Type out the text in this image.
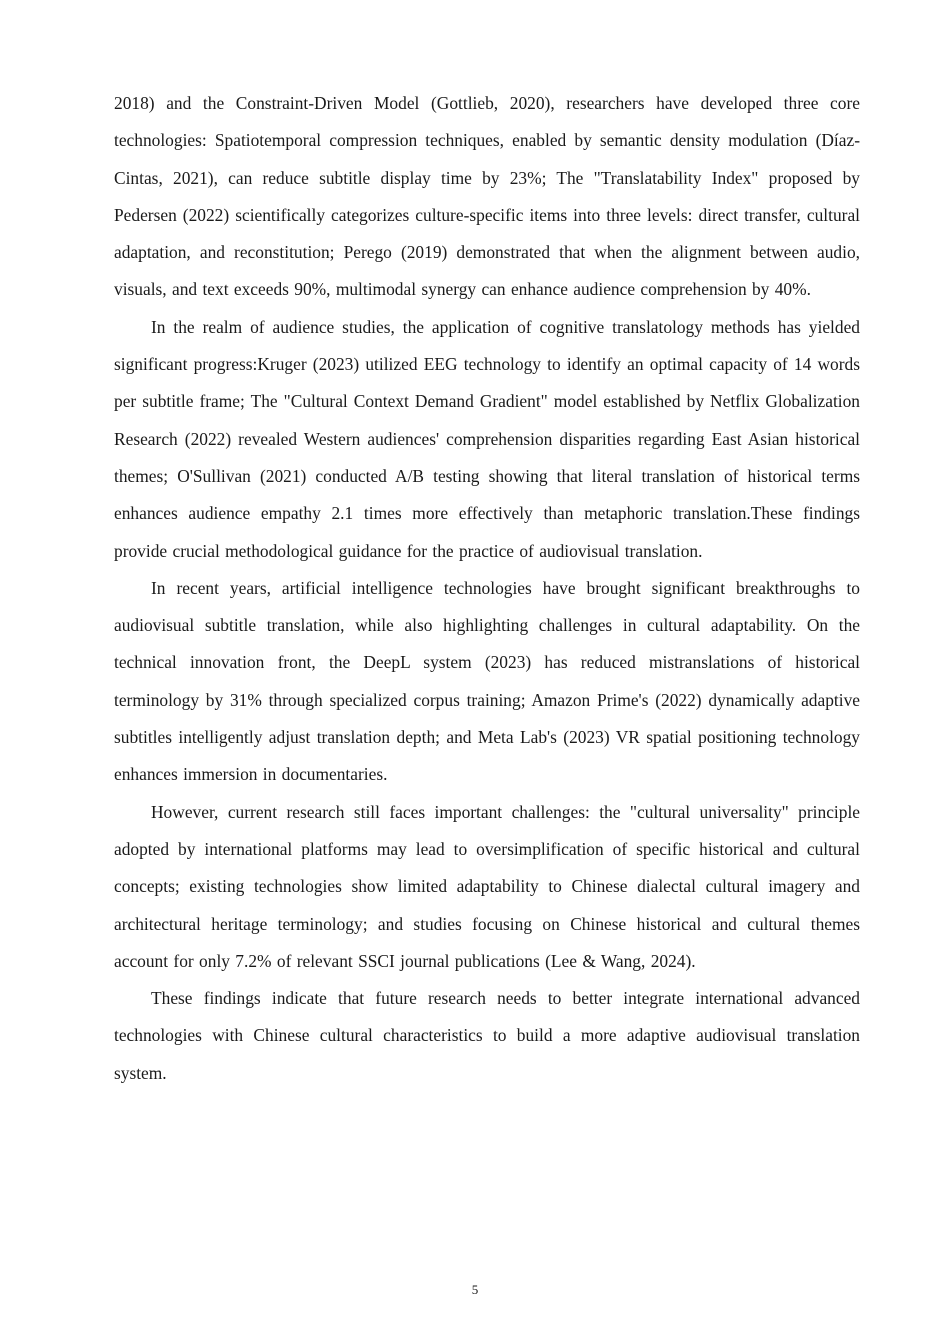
2018) and the Constraint-Driven Model (Gottlieb, 2020), researchers have developed three core technologies: Spatiotemporal compression techniques, enabled by semantic density modulation (Díaz-Cintas, 2021), can reduce subtitle display time by 23%; The "Translatability Index" proposed by Pedersen (2022) scientifically categorizes culture-specific items into three levels: direct transfer, cultural adaptation, and reconstitution; Perego (2019) demonstrated that when the alignment between audio, visuals, and text exceeds 90%, multimodal synergy can enhance audience comprehension by 40%.

In the realm of audience studies, the application of cognitive translatology methods has yielded significant progress:Kruger (2023) utilized EEG technology to identify an optimal capacity of 14 words per subtitle frame; The "Cultural Context Demand Gradient" model established by Netflix Globalization Research (2022) revealed Western audiences' comprehension disparities regarding East Asian historical themes; O'Sullivan (2021) conducted A/B testing showing that literal translation of historical terms enhances audience empathy 2.1 times more effectively than metaphoric translation.These findings provide crucial methodological guidance for the practice of audiovisual translation.

In recent years, artificial intelligence technologies have brought significant breakthroughs to audiovisual subtitle translation, while also highlighting challenges in cultural adaptability. On the technical innovation front, the DeepL system (2023) has reduced mistranslations of historical terminology by 31% through specialized corpus training; Amazon Prime's (2022) dynamically adaptive subtitles intelligently adjust translation depth; and Meta Lab's (2023) VR spatial positioning technology enhances immersion in documentaries.

However, current research still faces important challenges: the "cultural universality" principle adopted by international platforms may lead to oversimplification of specific historical and cultural concepts; existing technologies show limited adaptability to Chinese dialectal cultural imagery and architectural heritage terminology; and studies focusing on Chinese historical and cultural themes account for only 7.2% of relevant SSCI journal publications (Lee & Wang, 2024).

These findings indicate that future research needs to better integrate international advanced technologies with Chinese cultural characteristics to build a more adaptive audiovisual translation system.

5
